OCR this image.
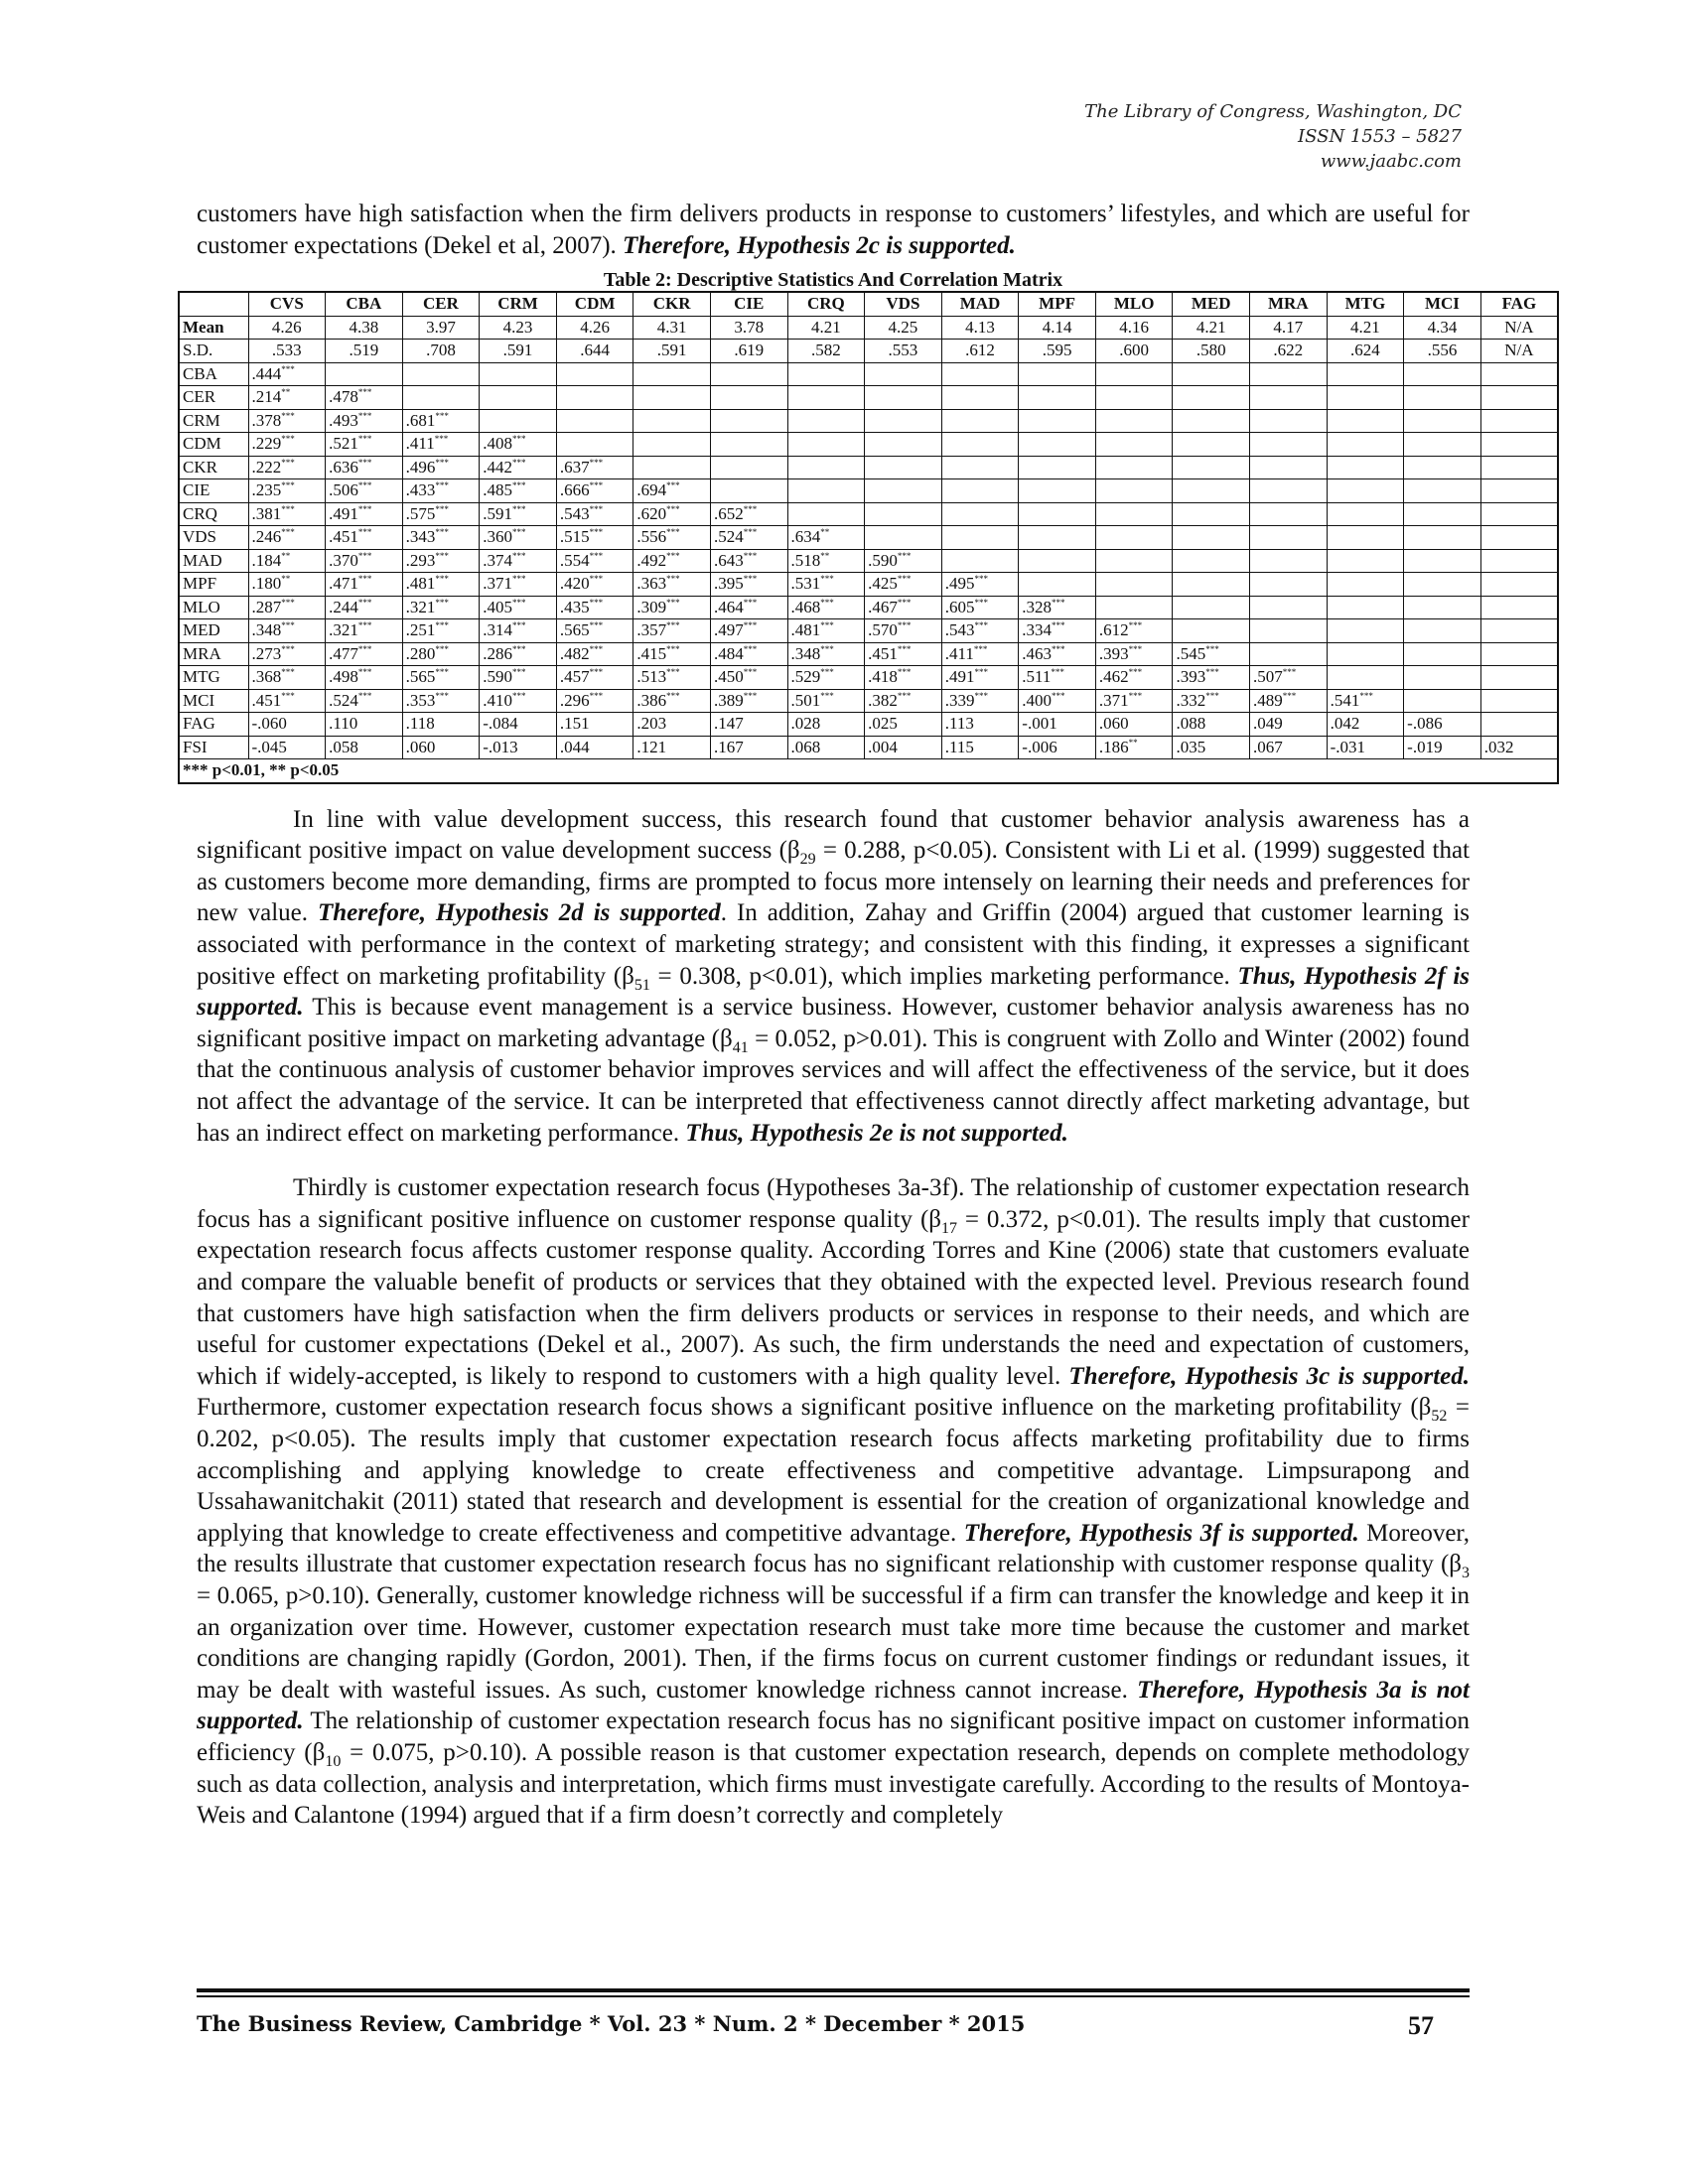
The Library of Congress, Washington, DC
ISSN 1553 – 5827
www.jaabc.com

customers have high satisfaction when the firm delivers products in response to customers’ lifestyles, and which are useful for customer expectations (Dekel et al, 2007). Therefore, Hypothesis 2c is supported.

Table 2: Descriptive Statistics And Correlation Matrix
	CVS	CBA	CER	CRM	CDM	CKR	CIE	CRQ	VDS	MAD	MPF	MLO	MED	MRA	MTG	MCI	FAG
Mean	4.26	4.38	3.97	4.23	4.26	4.31	3.78	4.21	4.25	4.13	4.14	4.16	4.21	4.17	4.21	4.34	N/A
S.D.	.533	.519	.708	.591	.644	.591	.619	.582	.553	.612	.595	.600	.580	.622	.624	.556	N/A
CBA	.444***																
CER	.214**	.478***															
CRM	.378***	.493***	.681***														
CDM	.229***	.521***	.411***	.408***													
CKR	.222***	.636***	.496***	.442***	.637***												
CIE	.235***	.506***	.433***	.485***	.666***	.694***											
CRQ	.381***	.491***	.575***	.591***	.543***	.620***	.652***										
VDS	.246***	.451***	.343***	.360***	.515***	.556***	.524***	.634**									
MAD	.184**	.370***	.293***	.374***	.554***	.492***	.643***	.518**	.590***								
MPF	.180**	.471***	.481***	.371***	.420***	.363***	.395***	.531***	.425***	.495***							
MLO	.287***	.244***	.321***	.405***	.435***	.309***	.464***	.468***	.467***	.605***	.328***						
MED	.348***	.321***	.251***	.314***	.565***	.357***	.497***	.481***	.570***	.543***	.334***	.612***					
MRA	.273***	.477***	.280***	.286***	.482***	.415***	.484***	.348***	.451***	.411***	.463***	.393***	.545***				
MTG	.368***	.498***	.565***	.590***	.457***	.513***	.450***	.529***	.418***	.491***	.511***	.462***	.393***	.507***			
MCI	.451***	.524***	.353***	.410***	.296***	.386***	.389***	.501***	.382***	.339***	.400***	.371***	.332***	.489***	.541***		
FAG	-.060	.110	.118	-.084	.151	.203	.147	.028	.025	.113	-.001	.060	.088	.049	.042	-.086	
FSI	-.045	.058	.060	-.013	.044	.121	.167	.068	.004	.115	-.006	.186**	.035	.067	-.031	-.019	.032
*** p<0.01, ** p<0.05																	

In line with value development success, this research found that customer behavior analysis awareness has a significant positive impact on value development success ($\beta_{29} = 0.288$, p<0.05). Consistent with Li et al. (1999) suggested that as customers become more demanding, firms are prompted to focus more intensely on learning their needs and preferences for new value. Therefore, Hypothesis 2d is supported. In addition, Zahay and Griffin (2004) argued that customer learning is associated with performance in the context of marketing strategy; and consistent with this finding, it expresses a significant positive effect on marketing profitability ($\beta_{51} = 0.308$, p<0.01), which implies marketing performance. Thus, Hypothesis 2f is supported. This is because event management is a service business. However, customer behavior analysis awareness has no significant positive impact on marketing advantage ($\beta_{41} = 0.052$, p>0.01). This is congruent with Zollo and Winter (2002) found that the continuous analysis of customer behavior improves services and will affect the effectiveness of the service, but it does not affect the advantage of the service. It can be interpreted that effectiveness cannot directly affect marketing advantage, but has an indirect effect on marketing performance. Thus, Hypothesis 2e is not supported.

Thirdly is customer expectation research focus (Hypotheses 3a-3f). The relationship of customer expectation research focus has a significant positive influence on customer response quality ($\beta_{17} = 0.372$, p<0.01). The results imply that customer expectation research focus affects customer response quality. According Torres and Kine (2006) state that customers evaluate and compare the valuable benefit of products or services that they obtained with the expected level. Previous research found that customers have high satisfaction when the firm delivers products or services in response to their needs, and which are useful for customer expectations (Dekel et al., 2007). As such, the firm understands the need and expectation of customers, which if widely-accepted, is likely to respond to customers with a high quality level. Therefore, Hypothesis 3c is supported. Furthermore, customer expectation research focus shows a significant positive influence on the marketing profitability ($\beta_{52} = 0.202$, p<0.05). The results imply that customer expectation research focus affects marketing profitability due to firms accomplishing and applying knowledge to create effectiveness and competitive advantage. Limpsurapong and Ussahawanitchakit (2011) stated that research and development is essential for the creation of organizational knowledge and applying that knowledge to create effectiveness and competitive advantage. Therefore, Hypothesis 3f is supported. Moreover, the results illustrate that customer expectation research focus has no significant relationship with customer response quality ($\beta_3 = 0.065$, p>0.10). Generally, customer knowledge richness will be successful if a firm can transfer the knowledge and keep it in an organization over time. However, customer expectation research must take more time because the customer and market conditions are changing rapidly (Gordon, 2001). Then, if the firms focus on current customer findings or redundant issues, it may be dealt with wasteful issues. As such, customer knowledge richness cannot increase. Therefore, Hypothesis 3a is not supported. The relationship of customer expectation research focus has no significant positive impact on customer information efficiency ($\beta_{10} = 0.075$, p>0.10). A possible reason is that customer expectation research, depends on complete methodology such as data collection, analysis and interpretation, which firms must investigate carefully. According to the results of Montoya-Weis and Calantone (1994) argued that if a firm doesn’t correctly and completely

The Business Review, Cambridge * Vol. 23 * Num. 2 * December * 2015	57
